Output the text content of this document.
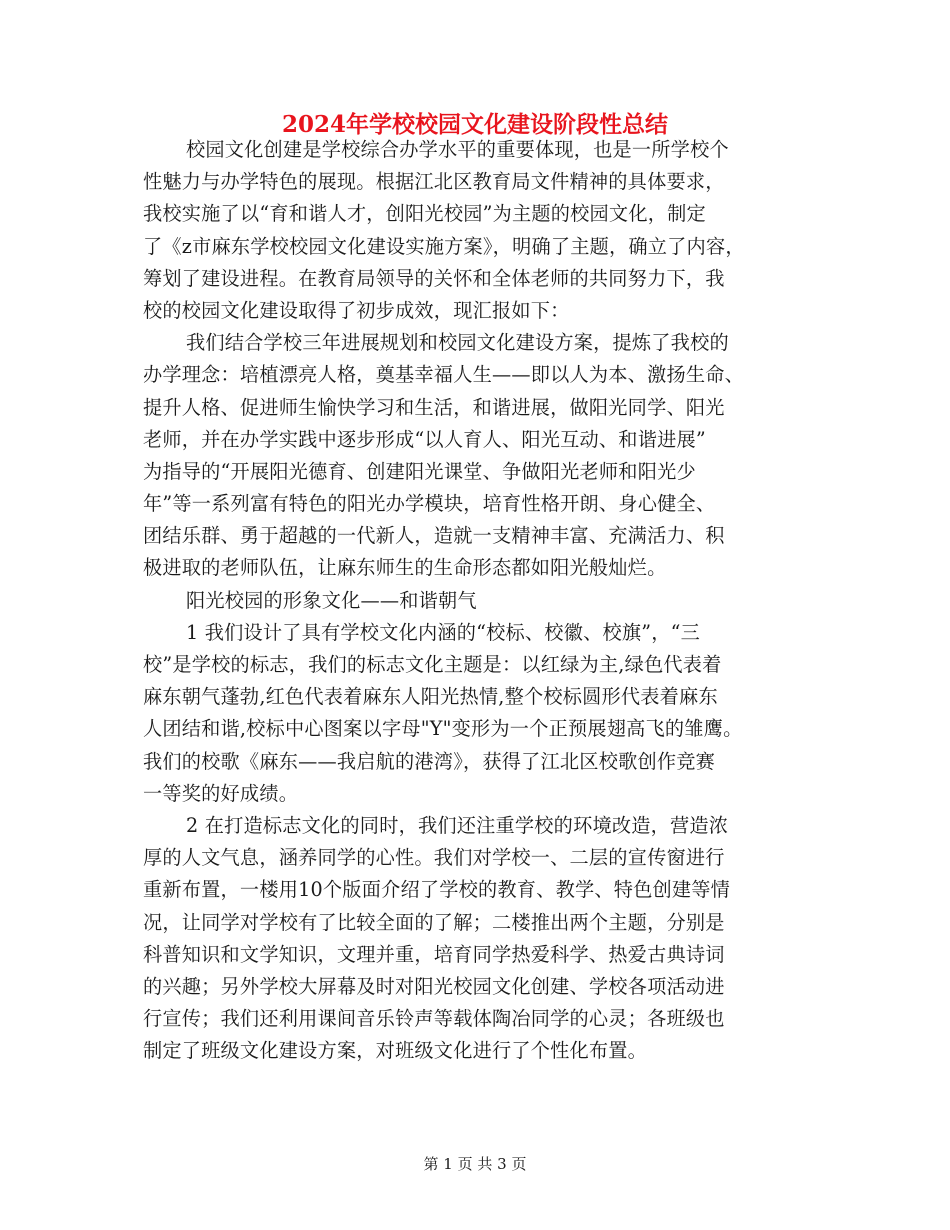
2024年学校校园文化建设阶段性总结
校园文化创建是学校综合办学水平的重要体现，也是一所学校个
性魅力与办学特色的展现。根据江北区教育局文件精神的具体要求，
我校实施了以“育和谐人才，创阳光校园”为主题的校园文化，制定
了《z市麻东学校校园文化建设实施方案》，明确了主题，确立了内容，
筹划了建设进程。在教育局领导的关怀和全体老师的共同努力下，我
校的校园文化建设取得了初步成效，现汇报如下：
我们结合学校三年进展规划和校园文化建设方案，提炼了我校的
办学理念：培植漂亮人格，奠基幸福人生——即以人为本、激扬生命、
提升人格、促进师生愉快学习和生活，和谐进展，做阳光同学、阳光
老师，并在办学实践中逐步形成“以人育人、阳光互动、和谐进展”
为指导的“开展阳光德育、创建阳光课堂、争做阳光老师和阳光少
年”等一系列富有特色的阳光办学模块，培育性格开朗、身心健全、
团结乐群、勇于超越的一代新人，造就一支精神丰富、充满活力、积
极进取的老师队伍，让麻东师生的生命形态都如阳光般灿烂。
阳光校园的形象文化——和谐朝气
1 我们设计了具有学校文化内涵的“校标、校徽、校旗”，“三
校”是学校的标志，我们的标志文化主题是：以红绿为主,绿色代表着
麻东朝气蓬勃,红色代表着麻东人阳光热情,整个校标圆形代表着麻东
人团结和谐,校标中心图案以字母"Y"变形为一个正预展翅高飞的雏鹰。
我们的校歌《麻东——我启航的港湾》，获得了江北区校歌创作竞赛
一等奖的好成绩。
2 在打造标志文化的同时，我们还注重学校的环境改造，营造浓
厚的人文气息，涵养同学的心性。我们对学校一、二层的宣传窗进行
重新布置，一楼用10个版面介绍了学校的教育、教学、特色创建等情
况，让同学对学校有了比较全面的了解；二楼推出两个主题，分别是
科普知识和文学知识，文理并重，培育同学热爱科学、热爱古典诗词
的兴趣；另外学校大屏幕及时对阳光校园文化创建、学校各项活动进
行宣传；我们还利用课间音乐铃声等载体陶冶同学的心灵；各班级也
制定了班级文化建设方案，对班级文化进行了个性化布置。
第 1 页 共 3 页
